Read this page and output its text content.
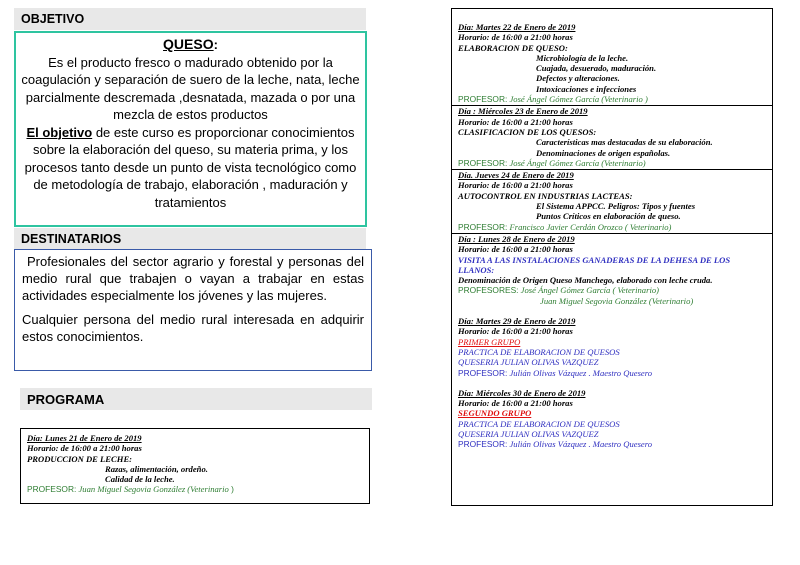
OBJETIVO
QUESO:
Es el producto fresco o madurado obtenido por la coagulación y separación de suero de la leche, nata, leche parcialmente descremada ,desnatada, mazada o por una mezcla de estos productos
El objetivo de este curso es proporcionar conocimientos sobre la elaboración del queso, su materia prima, y los procesos tanto desde un punto de vista tecnológico como de metodología de trabajo, elaboración , maduración y tratamientos
DESTINATARIOS

Profesionales del sector agrario y forestal y personas del medio rural que trabajen o vayan a trabajar en estas actividades especialmente los jóvenes y las mujeres.

Cualquier persona del medio rural interesada en adquirir estos conocimientos.

PROGRAMA
Día: Lunes 21 de Enero de 2019
Horario: de 16:00 a 21:00 horas
PRODUCCION DE LECHE:
Razas, alimentación, ordeño.
Calidad de la leche.
PROFESOR: Juan Miguel Segovia González (Veterinario )
Día: Martes 22 de Enero de 2019
Horario: de 16:00 a 21:00 horas
ELABORACION DE QUESO:
Microbiología de la leche.
Cuajada, desuerado, maduración.
Defectos y alteraciones.
Intoxicaciones e infecciones
PROFESOR: José Ángel Gómez García (Veterinario )
Día : Miércoles 23 de Enero de 2019
Horario: de 16:00 a 21:00 horas
CLASIFICACION DE LOS QUESOS:
Características mas destacadas de su elaboración.
Denominaciones de origen españolas.
PROFESOR: José Ángel Gómez García (Veterinario)
Día. Jueves 24 de Enero de 2019
Horario: de 16:00 a 21:00 horas
AUTOCONTROL EN INDUSTRIAS LACTEAS:
El Sistema APPCC. Peligros: Tipos y fuentes
Puntos Críticos en elaboración de queso.
PROFESOR: Francisco Javier Cerdán Orozco ( Veterinario)
Día : Lunes 28 de Enero de 2019
Horario: de 16:00 a 21:00 horas
VISITA A LAS INSTALACIONES GANADERAS DE LA DEHESA DE LOS LLANOS:
Denominación de Origen Queso Manchego, elaborado con leche cruda.
PROFESORES: José Ángel Gómez García ( Veterinario)
Juan Miguel Segovia González (Veterinario)
Día: Martes 29 de Enero de 2019
Horario: de 16:00 a 21:00 horas
PRIMER GRUPO
PRACTICA DE ELABORACION DE QUESOS
QUESERIA JULIAN OLIVAS VAZQUEZ
PROFESOR: Julián Olivas Vázquez . Maestro Quesero
Día: Miércoles 30 de Enero de 2019
Horario: de 16:00 a 21:00 horas
SEGUNDO GRUPO
PRACTICA DE ELABORACION DE QUESOS
QUESERIA JULIAN OLIVAS VAZQUEZ
PROFESOR: Julián Olivas Vázquez . Maestro Quesero
